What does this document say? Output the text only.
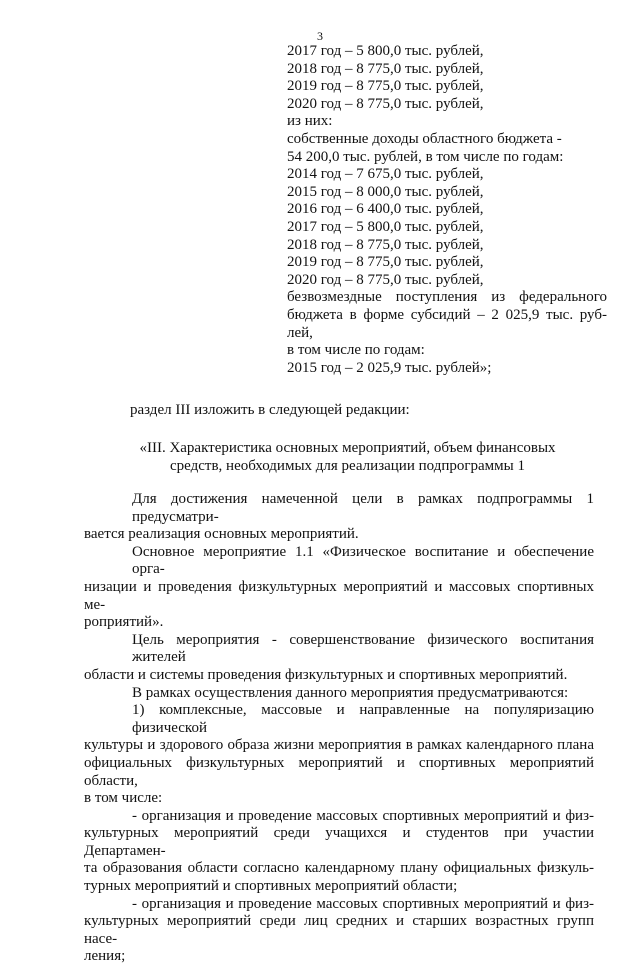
3
2017 год – 5 800,0 тыс. рублей,
2018 год – 8 775,0 тыс. рублей,
2019 год – 8 775,0 тыс. рублей,
2020 год – 8 775,0 тыс. рублей,
из них:
собственные доходы областного бюджета -
54 200,0 тыс. рублей, в том числе по годам:
2014 год – 7 675,0 тыс. рублей,
2015 год – 8 000,0 тыс. рублей,
2016 год – 6 400,0 тыс. рублей,
2017 год – 5 800,0 тыс. рублей,
2018 год – 8 775,0 тыс. рублей,
2019 год – 8 775,0 тыс. рублей,
2020 год – 8 775,0 тыс. рублей,
безвозмездные поступления из федерального
бюджета в форме субсидий – 2 025,9 тыс. руб-
лей,
в том числе по годам:
2015 год – 2 025,9 тыс. рублей»;
раздел III изложить в следующей редакции:
«III. Характеристика основных мероприятий, объем финансовых
средств, необходимых для реализации подпрограммы 1
Для достижения намеченной цели в рамках подпрограммы 1 предусматри-
вается реализация основных мероприятий.
Основное мероприятие 1.1 «Физическое воспитание и обеспечение орга-
низации и проведения физкультурных мероприятий и массовых спортивных ме-
роприятий».
Цель мероприятия - совершенствование физического воспитания жителей
области и системы проведения физкультурных и спортивных мероприятий.
В рамках осуществления данного мероприятия предусматриваются:
1) комплексные, массовые и направленные на популяризацию физической
культуры и здорового образа жизни мероприятия в рамках календарного плана
официальных физкультурных мероприятий и спортивных мероприятий области,
в том числе:
- организация и проведение массовых спортивных мероприятий и физ-
культурных мероприятий среди учащихся и студентов при участии Департамен-
та образования области согласно календарному плану официальных физкуль-
турных мероприятий и спортивных мероприятий области;
- организация и проведение массовых спортивных мероприятий и физ-
культурных мероприятий среди лиц средних и старших возрастных групп насе-
ления;
